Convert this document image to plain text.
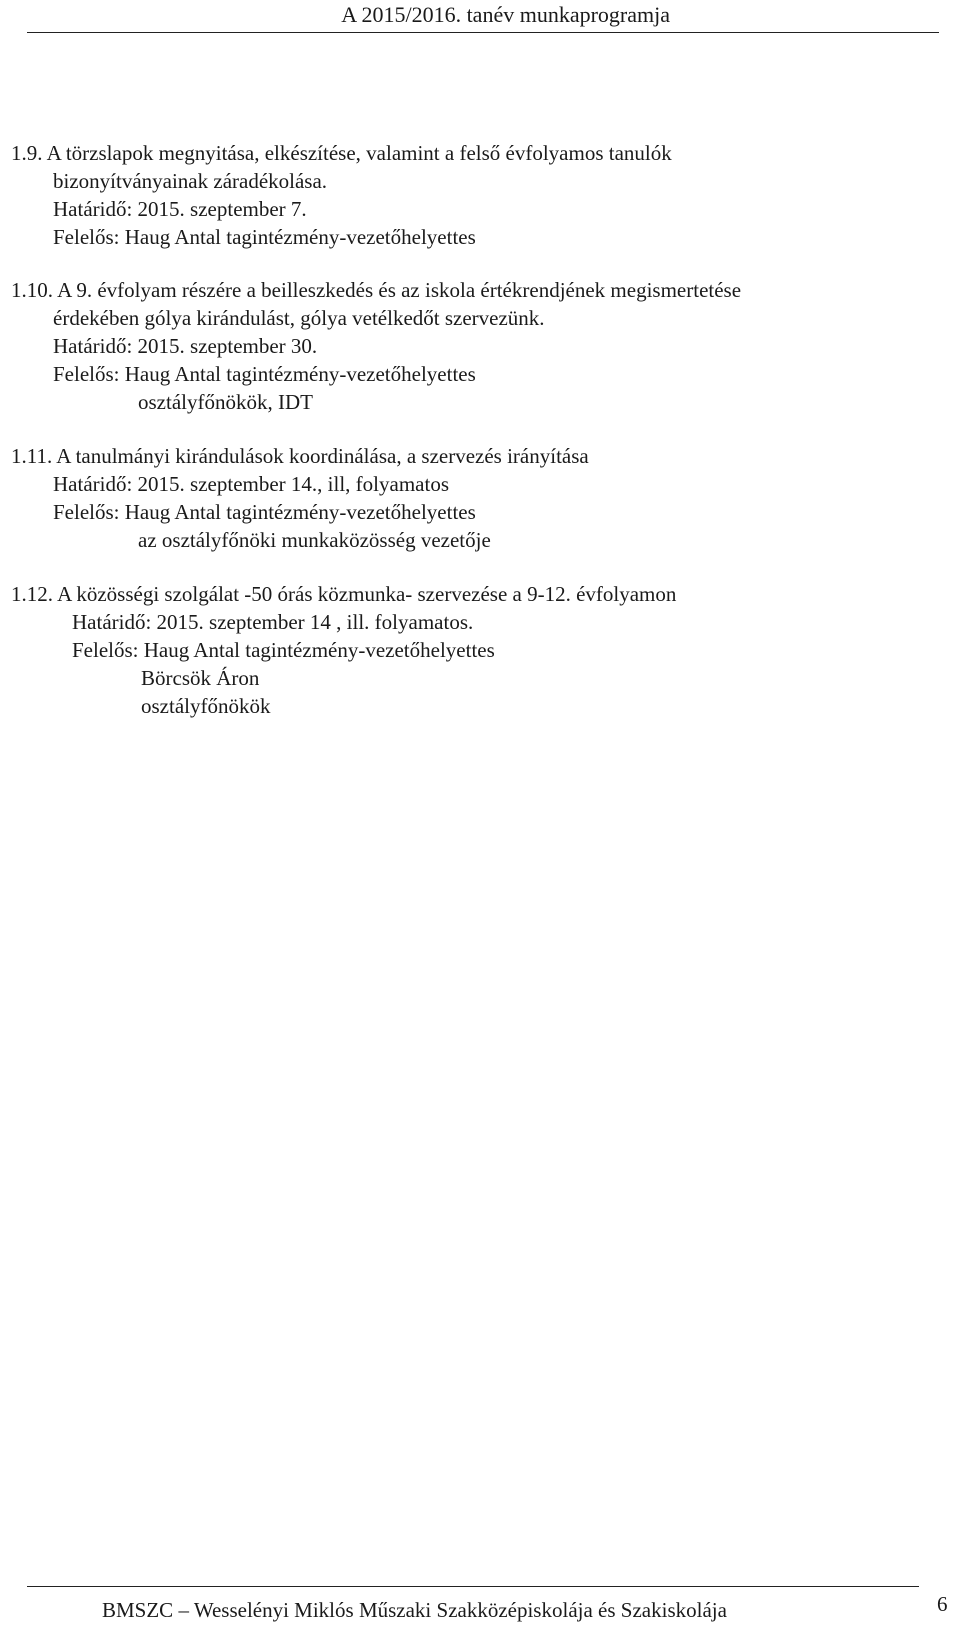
A 2015/2016. tanév munkaprogramja
1.9. A törzslapok megnyitása, elkészítése, valamint a felső évfolyamos tanulók
bizonyítványainak záradékolása.
Határidő: 2015. szeptember 7.
Felelős: Haug Antal tagintézmény-vezetőhelyettes
1.10. A 9. évfolyam részére a beilleszkedés és az iskola értékrendjének megismertetése
érdekében gólya kirándulást, gólya vetélkedőt szervezünk.
Határidő: 2015. szeptember 30.
Felelős: Haug Antal tagintézmény-vezetőhelyettes
osztályfőnökök, IDT
1.11. A tanulmányi kirándulások koordinálása, a szervezés irányítása
Határidő: 2015. szeptember 14., ill, folyamatos
Felelős: Haug Antal tagintézmény-vezetőhelyettes
az osztályfőnöki munkaközösség vezetője
1.12. A közösségi szolgálat -50 órás közmunka- szervezése a 9-12. évfolyamon
Határidő: 2015. szeptember 14 , ill. folyamatos.
Felelős: Haug Antal tagintézmény-vezetőhelyettes
Börcsök Áron
osztályfőnökök
BMSZC – Wesselényi Miklós Műszaki Szakközépiskolája és Szakiskolája	6
